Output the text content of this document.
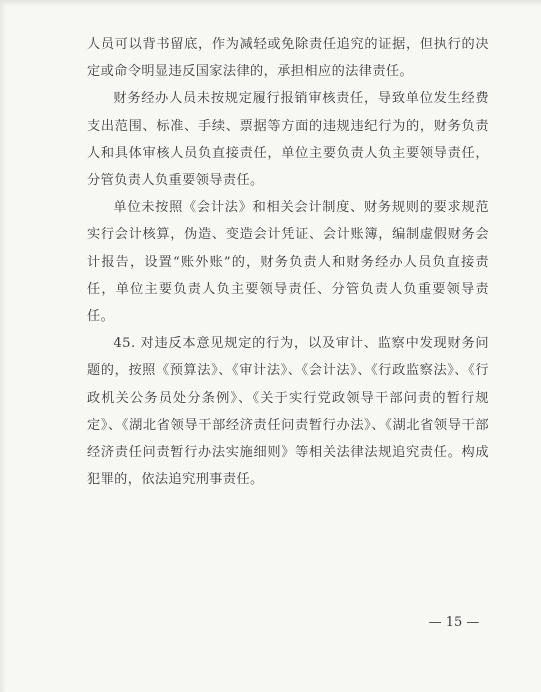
人员可以背书留底，作为减轻或免除责任追究的证据，但执行的决定或命令明显违反国家法律的，承担相应的法律责任。

财务经办人员未按规定履行报销审核责任，导致单位发生经费支出范围、标准、手续、票据等方面的违规违纪行为的，财务负责人和具体审核人员负直接责任，单位主要负责人负主要领导责任，分管负责人负重要领导责任。

单位未按照《会计法》和相关会计制度、财务规则的要求规范实行会计核算，伪造、变造会计凭证、会计账簿，编制虚假财务会计报告，设置“账外账”的，财务负责人和财务经办人员负直接责任，单位主要负责人负主要领导责任、分管负责人负重要领导责任。

45. 对违反本意见规定的行为，以及审计、监察中发现财务问题的，按照《预算法》、《审计法》、《会计法》、《行政监察法》、《行政机关公务员处分条例》、《关于实行党政领导干部问责的暂行规定》、《湖北省领导干部经济责任问责暂行办法》、《湖北省领导干部经济责任问责暂行办法实施细则》等相关法律法规追究责任。构成犯罪的，依法追究刑事责任。

— 15 —
